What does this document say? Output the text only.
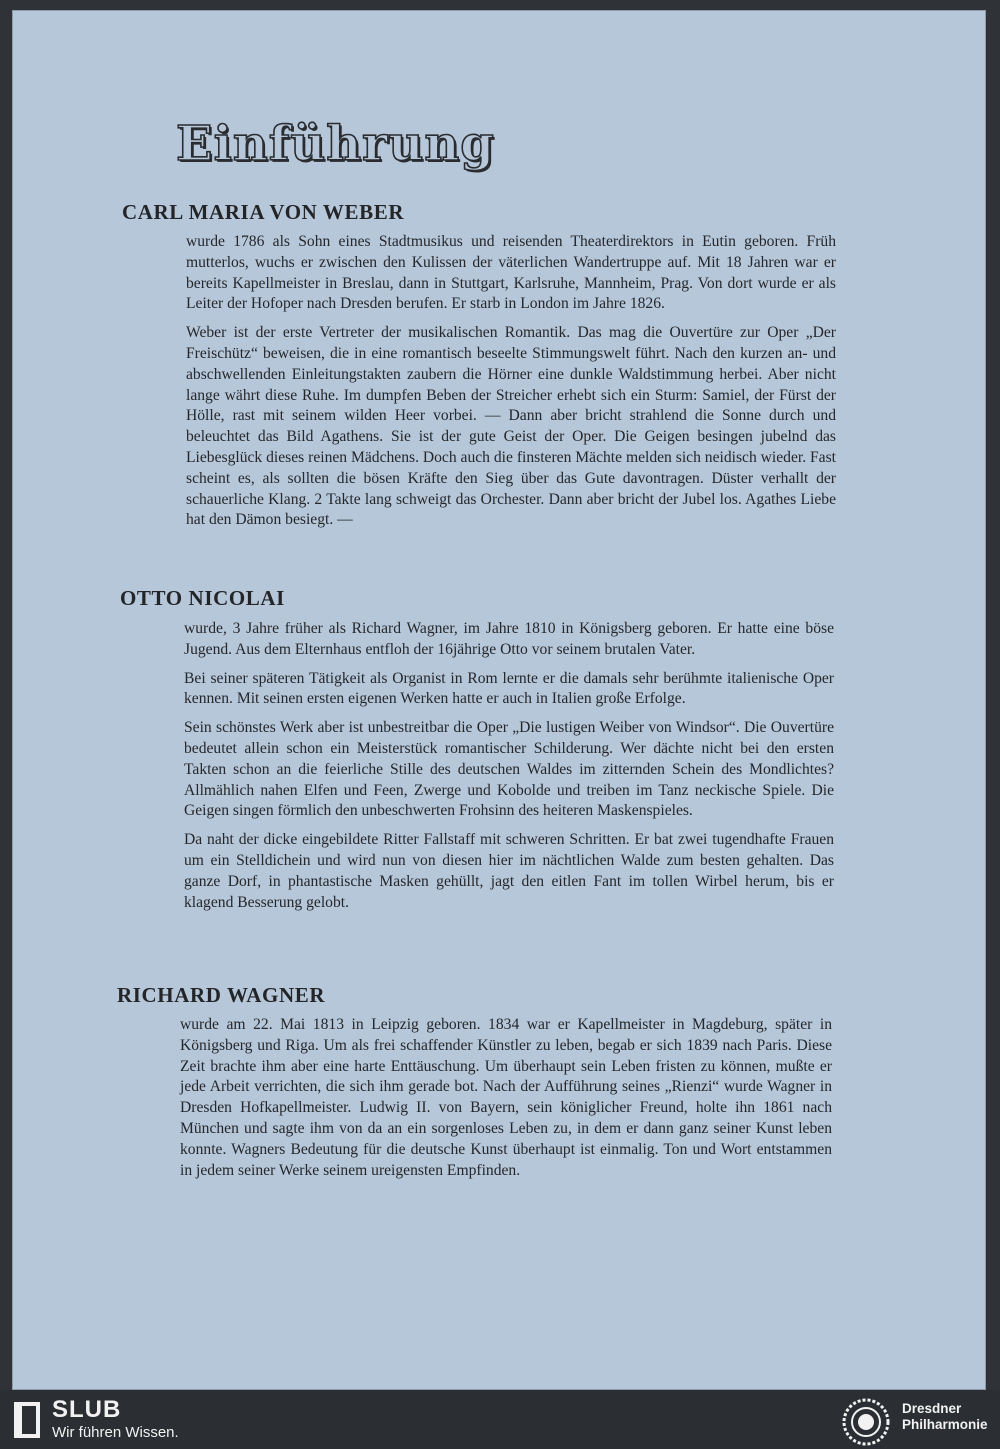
Einführung
CARL MARIA VON WEBER

wurde 1786 als Sohn eines Stadtmusikus und reisenden Theaterdirektors in Eutin geboren. Früh mutterlos, wuchs er zwischen den Kulissen der väterlichen Wandertruppe auf. Mit 18 Jahren war er bereits Kapellmeister in Breslau, dann in Stuttgart, Karlsruhe, Mannheim, Prag. Von dort wurde er als Leiter der Hofoper nach Dresden berufen. Er starb in London im Jahre 1826.

Weber ist der erste Vertreter der musikalischen Romantik. Das mag die Ouvertüre zur Oper „Der Freischütz“ beweisen, die in eine romantisch beseelte Stimmungswelt führt. Nach den kurzen an- und abschwellenden Einleitungstakten zaubern die Hörner eine dunkle Waldstimmung herbei. Aber nicht lange währt diese Ruhe. Im dumpfen Beben der Streicher erhebt sich ein Sturm: Samiel, der Fürst der Hölle, rast mit seinem wilden Heer vorbei. — Dann aber bricht strahlend die Sonne durch und beleuchtet das Bild Agathens. Sie ist der gute Geist der Oper. Die Geigen besingen jubelnd das Liebesglück dieses reinen Mädchens. Doch auch die finsteren Mächte melden sich neidisch wieder. Fast scheint es, als sollten die bösen Kräfte den Sieg über das Gute davontragen. Düster verhallt der schauerliche Klang. 2 Takte lang schweigt das Orchester. Dann aber bricht der Jubel los. Agathes Liebe hat den Dämon besiegt. —

OTTO NICOLAI

wurde, 3 Jahre früher als Richard Wagner, im Jahre 1810 in Königsberg geboren. Er hatte eine böse Jugend. Aus dem Elternhaus entfloh der 16jährige Otto vor seinem brutalen Vater.

Bei seiner späteren Tätigkeit als Organist in Rom lernte er die damals sehr berühmte italienische Oper kennen. Mit seinen ersten eigenen Werken hatte er auch in Italien große Erfolge.

Sein schönstes Werk aber ist unbestreitbar die Oper „Die lustigen Weiber von Windsor“. Die Ouvertüre bedeutet allein schon ein Meisterstück romantischer Schilderung. Wer dächte nicht bei den ersten Takten schon an die feierliche Stille des deutschen Waldes im zitternden Schein des Mondlichtes? Allmählich nahen Elfen und Feen, Zwerge und Kobolde und treiben im Tanz neckische Spiele. Die Geigen singen förmlich den unbeschwerten Frohsinn des heiteren Maskenspieles.

Da naht der dicke eingebildete Ritter Fallstaff mit schweren Schritten. Er bat zwei tugendhafte Frauen um ein Stelldichein und wird nun von diesen hier im nächtlichen Walde zum besten gehalten. Das ganze Dorf, in phantastische Masken gehüllt, jagt den eitlen Fant im tollen Wirbel herum, bis er klagend Besserung gelobt.

RICHARD WAGNER

wurde am 22. Mai 1813 in Leipzig geboren. 1834 war er Kapellmeister in Magdeburg, später in Königsberg und Riga. Um als frei schaffender Künstler zu leben, begab er sich 1839 nach Paris. Diese Zeit brachte ihm aber eine harte Enttäuschung. Um überhaupt sein Leben fristen zu können, mußte er jede Arbeit verrichten, die sich ihm gerade bot. Nach der Aufführung seines „Rienzi“ wurde Wagner in Dresden Hofkapellmeister. Ludwig II. von Bayern, sein königlicher Freund, holte ihn 1861 nach München und sagte ihm von da an ein sorgenloses Leben zu, in dem er dann ganz seiner Kunst leben konnte. Wagners Bedeutung für die deutsche Kunst überhaupt ist einmalig. Ton und Wort entstammen in jedem seiner Werke seinem ureigensten Empfinden.

SLUB
Wir führen Wissen.
Dresdner
Philharmonie
